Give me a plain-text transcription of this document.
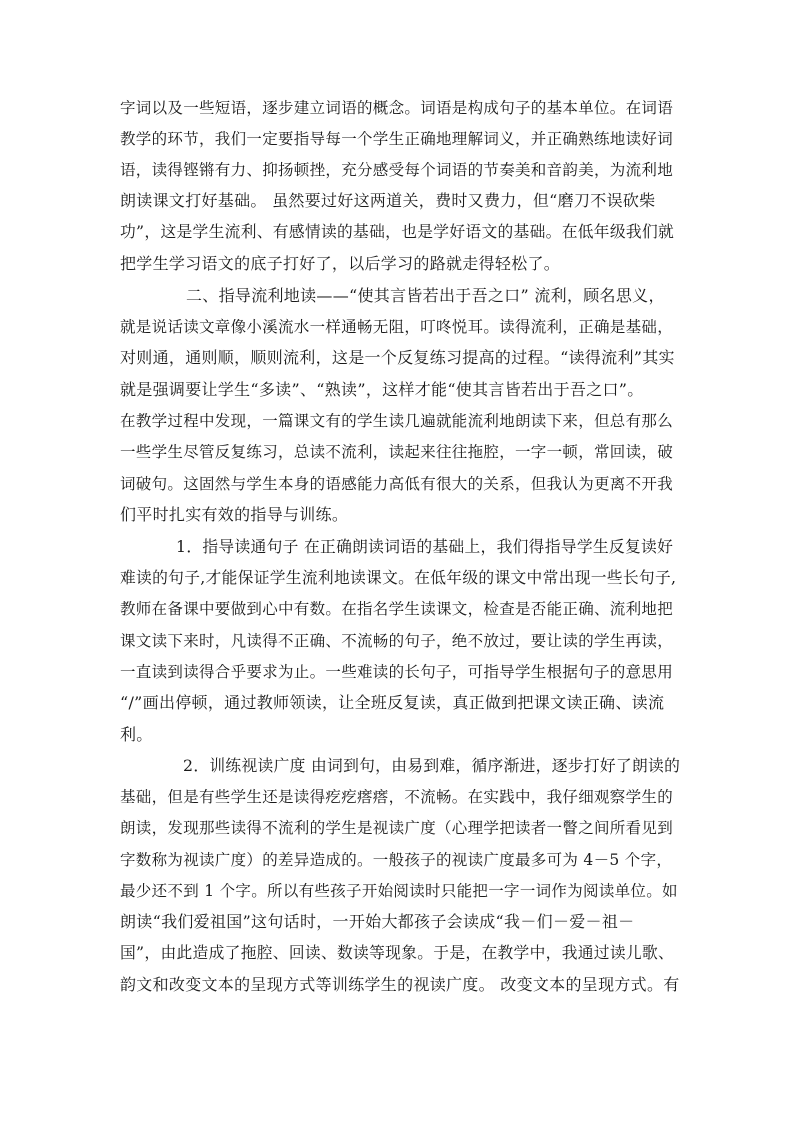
字词以及一些短语，逐步建立词语的概念。词语是构成句子的基本单位。在词语
教学的环节，我们一定要指导每一个学生正确地理解词义，并正确熟练地读好词
语，读得铿锵有力、抑扬顿挫，充分感受每个词语的节奏美和音韵美，为流利地
朗读课文打好基础。 虽然要过好这两道关，费时又费力，但“磨刀不误砍柴
功”，这是学生流利、有感情读的基础，也是学好语文的基础。在低年级我们就
把学生学习语文的底子打好了，以后学习的路就走得轻松了。
二、指导流利地读——“使其言皆若出于吾之口” 流利，顾名思义，
就是说话读文章像小溪流水一样通畅无阻，叮咚悦耳。读得流利，正确是基础，
对则通，通则顺，顺则流利，这是一个反复练习提高的过程。“读得流利”其实
就是强调要让学生“多读”、“熟读”，这样才能“使其言皆若出于吾之口”。
在教学过程中发现，一篇课文有的学生读几遍就能流利地朗读下来，但总有那么
一些学生尽管反复练习，总读不流利，读起来往往拖腔，一字一顿，常回读，破
词破句。这固然与学生本身的语感能力高低有很大的关系，但我认为更离不开我
们平时扎实有效的指导与训练。
1．指导读通句子 在正确朗读词语的基础上，我们得指导学生反复读好
难读的句子,才能保证学生流利地读课文。在低年级的课文中常出现一些长句子,
教师在备课中要做到心中有数。在指名学生读课文，检查是否能正确、流利地把
课文读下来时，凡读得不正确、不流畅的句子，绝不放过，要让读的学生再读，
一直读到读得合乎要求为止。一些难读的长句子，可指导学生根据句子的意思用
“/”画出停顿，通过教师领读，让全班反复读，真正做到把课文读正确、读流
利。
2．训练视读广度 由词到句，由易到难，循序渐进，逐步打好了朗读的
基础，但是有些学生还是读得疙疙瘩瘩，不流畅。在实践中，我仔细观察学生的
朗读，发现那些读得不流利的学生是视读广度（心理学把读者一瞥之间所看见到
字数称为视读广度）的差异造成的。一般孩子的视读广度最多可为 4－5 个字，
最少还不到 1 个字。所以有些孩子开始阅读时只能把一字一词作为阅读单位。如
朗读“我们爱祖国”这句话时，一开始大都孩子会读成“我－们－爱－祖－
国”，由此造成了拖腔、回读、数读等现象。于是，在教学中，我通过读儿歌、
韵文和改变文本的呈现方式等训练学生的视读广度。 改变文本的呈现方式。有
